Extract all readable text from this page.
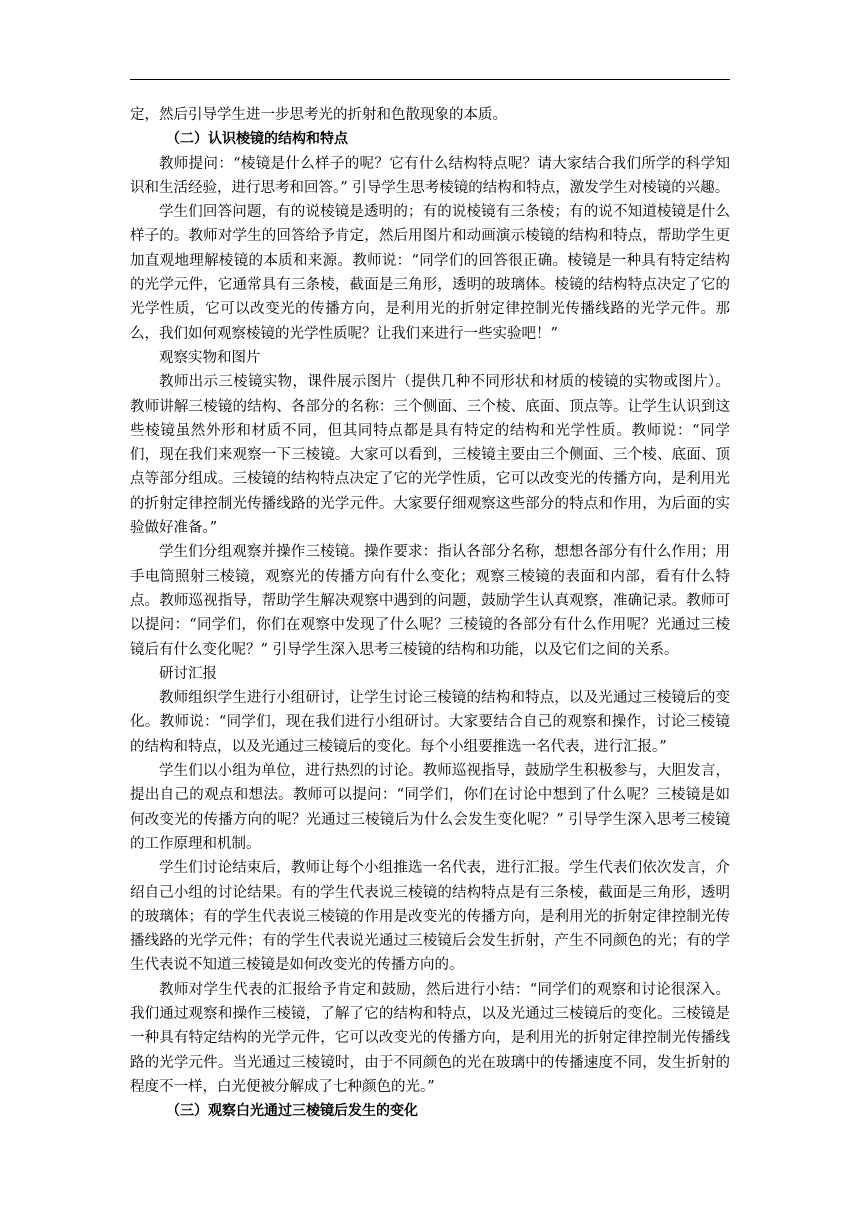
定，然后引导学生进一步思考光的折射和色散现象的本质。

（二）认识棱镜的结构和特点

教师提问：“棱镜是什么样子的呢？它有什么结构特点呢？请大家结合我们所学的科学知识和生活经验，进行思考和回答。” 引导学生思考棱镜的结构和特点，激发学生对棱镜的兴趣。

学生们回答问题，有的说棱镜是透明的；有的说棱镜有三条棱；有的说不知道棱镜是什么样子的。教师对学生的回答给予肯定，然后用图片和动画演示棱镜的结构和特点，帮助学生更加直观地理解棱镜的本质和来源。教师说：“同学们的回答很正确。棱镜是一种具有特定结构的光学元件，它通常具有三条棱，截面是三角形，透明的玻璃体。棱镜的结构特点决定了它的光学性质，它可以改变光的传播方向，是利用光的折射定律控制光传播线路的光学元件。那么，我们如何观察棱镜的光学性质呢？让我们来进行一些实验吧！”

观察实物和图片

教师出示三棱镜实物，课件展示图片（提供几种不同形状和材质的棱镜的实物或图片）。教师讲解三棱镜的结构、各部分的名称：三个侧面、三个棱、底面、顶点等。让学生认识到这些棱镜虽然外形和材质不同，但其同特点都是具有特定的结构和光学性质。教师说：“同学们，现在我们来观察一下三棱镜。大家可以看到，三棱镜主要由三个侧面、三个棱、底面、顶点等部分组成。三棱镜的结构特点决定了它的光学性质，它可以改变光的传播方向，是利用光的折射定律控制光传播线路的光学元件。大家要仔细观察这些部分的特点和作用，为后面的实验做好准备。”

学生们分组观察并操作三棱镜。操作要求：指认各部分名称，想想各部分有什么作用；用手电筒照射三棱镜，观察光的传播方向有什么变化；观察三棱镜的表面和内部，看有什么特点。教师巡视指导，帮助学生解决观察中遇到的问题，鼓励学生认真观察，准确记录。教师可以提问：“同学们，你们在观察中发现了什么呢？三棱镜的各部分有什么作用呢？光通过三棱镜后有什么变化呢？” 引导学生深入思考三棱镜的结构和功能，以及它们之间的关系。

研讨汇报

教师组织学生进行小组研讨，让学生讨论三棱镜的结构和特点，以及光通过三棱镜后的变化。教师说：“同学们，现在我们进行小组研讨。大家要结合自己的观察和操作，讨论三棱镜的结构和特点，以及光通过三棱镜后的变化。每个小组要推选一名代表，进行汇报。”

学生们以小组为单位，进行热烈的讨论。教师巡视指导，鼓励学生积极参与，大胆发言，提出自己的观点和想法。教师可以提问：“同学们，你们在讨论中想到了什么呢？三棱镜是如何改变光的传播方向的呢？光通过三棱镜后为什么会发生变化呢？” 引导学生深入思考三棱镜的工作原理和机制。

学生们讨论结束后，教师让每个小组推选一名代表，进行汇报。学生代表们依次发言，介绍自己小组的讨论结果。有的学生代表说三棱镜的结构特点是有三条棱，截面是三角形，透明的玻璃体；有的学生代表说三棱镜的作用是改变光的传播方向，是利用光的折射定律控制光传播线路的光学元件；有的学生代表说光通过三棱镜后会发生折射，产生不同颜色的光；有的学生代表说不知道三棱镜是如何改变光的传播方向的。

教师对学生代表的汇报给予肯定和鼓励，然后进行小结：“同学们的观察和讨论很深入。我们通过观察和操作三棱镜，了解了它的结构和特点，以及光通过三棱镜后的变化。三棱镜是一种具有特定结构的光学元件，它可以改变光的传播方向，是利用光的折射定律控制光传播线路的光学元件。当光通过三棱镜时，由于不同颜色的光在玻璃中的传播速度不同，发生折射的程度不一样，白光便被分解成了七种颜色的光。”

（三）观察白光通过三棱镜后发生的变化
